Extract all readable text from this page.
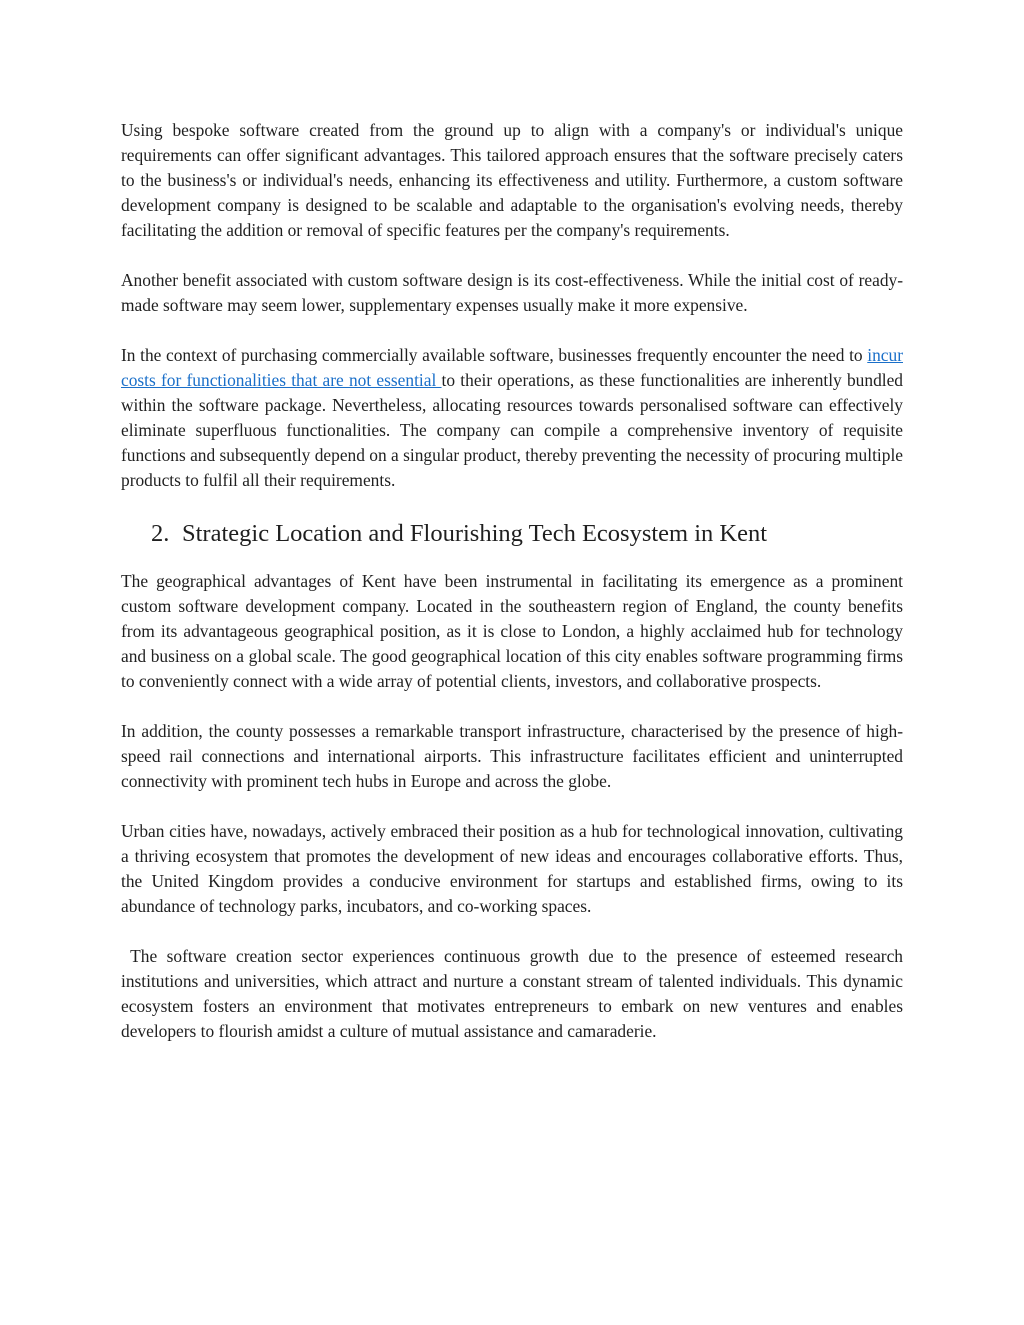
Using bespoke software created from the ground up to align with a company's or individual's unique requirements can offer significant advantages. This tailored approach ensures that the software precisely caters to the business's or individual's needs, enhancing its effectiveness and utility. Furthermore, a custom software development company is designed to be scalable and adaptable to the organisation's evolving needs, thereby facilitating the addition or removal of specific features per the company's requirements.

Another benefit associated with custom software design is its cost-effectiveness. While the initial cost of ready-made software may seem lower, supplementary expenses usually make it more expensive.

In the context of purchasing commercially available software, businesses frequently encounter the need to incur costs for functionalities that are not essential to their operations, as these functionalities are inherently bundled within the software package. Nevertheless, allocating resources towards personalised software can effectively eliminate superfluous functionalities. The company can compile a comprehensive inventory of requisite functions and subsequently depend on a singular product, thereby preventing the necessity of procuring multiple products to fulfil all their requirements.

2. Strategic Location and Flourishing Tech Ecosystem in Kent

The geographical advantages of Kent have been instrumental in facilitating its emergence as a prominent custom software development company. Located in the southeastern region of England, the county benefits from its advantageous geographical position, as it is close to London, a highly acclaimed hub for technology and business on a global scale. The good geographical location of this city enables software programming firms to conveniently connect with a wide array of potential clients, investors, and collaborative prospects.

In addition, the county possesses a remarkable transport infrastructure, characterised by the presence of high-speed rail connections and international airports. This infrastructure facilitates efficient and uninterrupted connectivity with prominent tech hubs in Europe and across the globe.

Urban cities have, nowadays, actively embraced their position as a hub for technological innovation, cultivating a thriving ecosystem that promotes the development of new ideas and encourages collaborative efforts. Thus, the United Kingdom provides a conducive environment for startups and established firms, owing to its abundance of technology parks, incubators, and co-working spaces.

The software creation sector experiences continuous growth due to the presence of esteemed research institutions and universities, which attract and nurture a constant stream of talented individuals. This dynamic ecosystem fosters an environment that motivates entrepreneurs to embark on new ventures and enables developers to flourish amidst a culture of mutual assistance and camaraderie.
